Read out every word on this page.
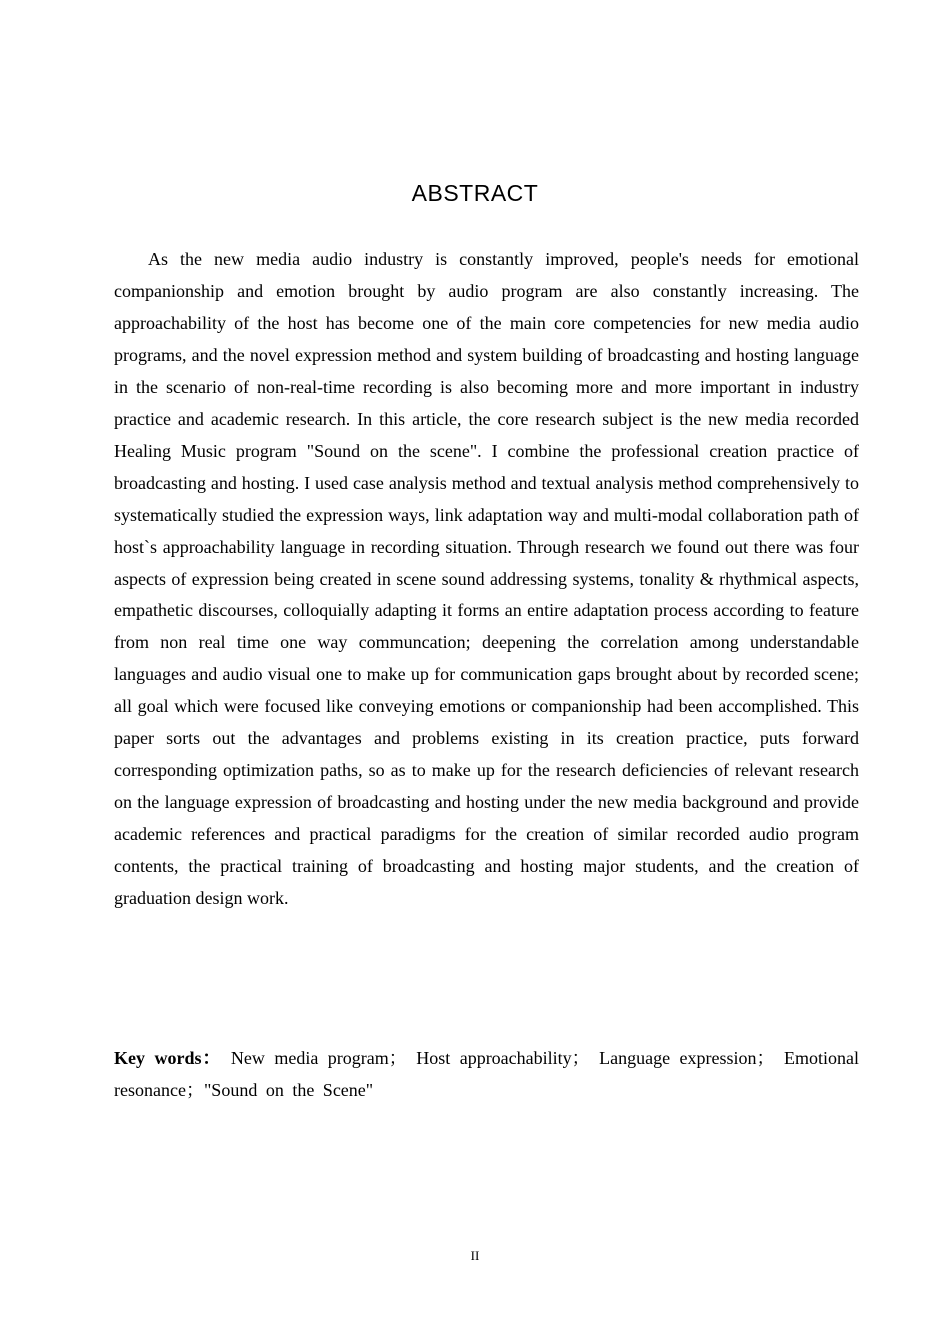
ABSTRACT

As the new media audio industry is constantly improved, people's needs for emotional companionship and emotion brought by audio program are also constantly increasing. The approachability of the host has become one of the main core competencies for new media audio programs, and the novel expression method and system building of broadcasting and hosting language in the scenario of non-real-time recording is also becoming more and more important in industry practice and academic research. In this article, the core research subject is the new media recorded Healing Music program "Sound on the scene". I combine the professional creation practice of broadcasting and hosting. I used case analysis method and textual analysis method comprehensively to systematically studied the expression ways, link adaptation way and multi-modal collaboration path of host`s approachability language in recording situation. Through research we found out there was four aspects of expression being created in scene sound addressing systems, tonality & rhythmical aspects, empathetic discourses, colloquially adapting it forms an entire adaptation process according to feature from non real time one way communcation; deepening the correlation among understandable languages and audio visual one to make up for communication gaps brought about by recorded scene; all goal which were focused like conveying emotions or companionship had been accomplished. This paper sorts out the advantages and problems existing in its creation practice, puts forward corresponding optimization paths, so as to make up for the research deficiencies of relevant research on the language expression of broadcasting and hosting under the new media background and provide academic references and practical paradigms for the creation of similar recorded audio program contents, the practical training of broadcasting and hosting major students, and the creation of graduation design work.

Key words： New media program； Host approachability； Language expression； Emotional resonance；"Sound on the Scene"

II
